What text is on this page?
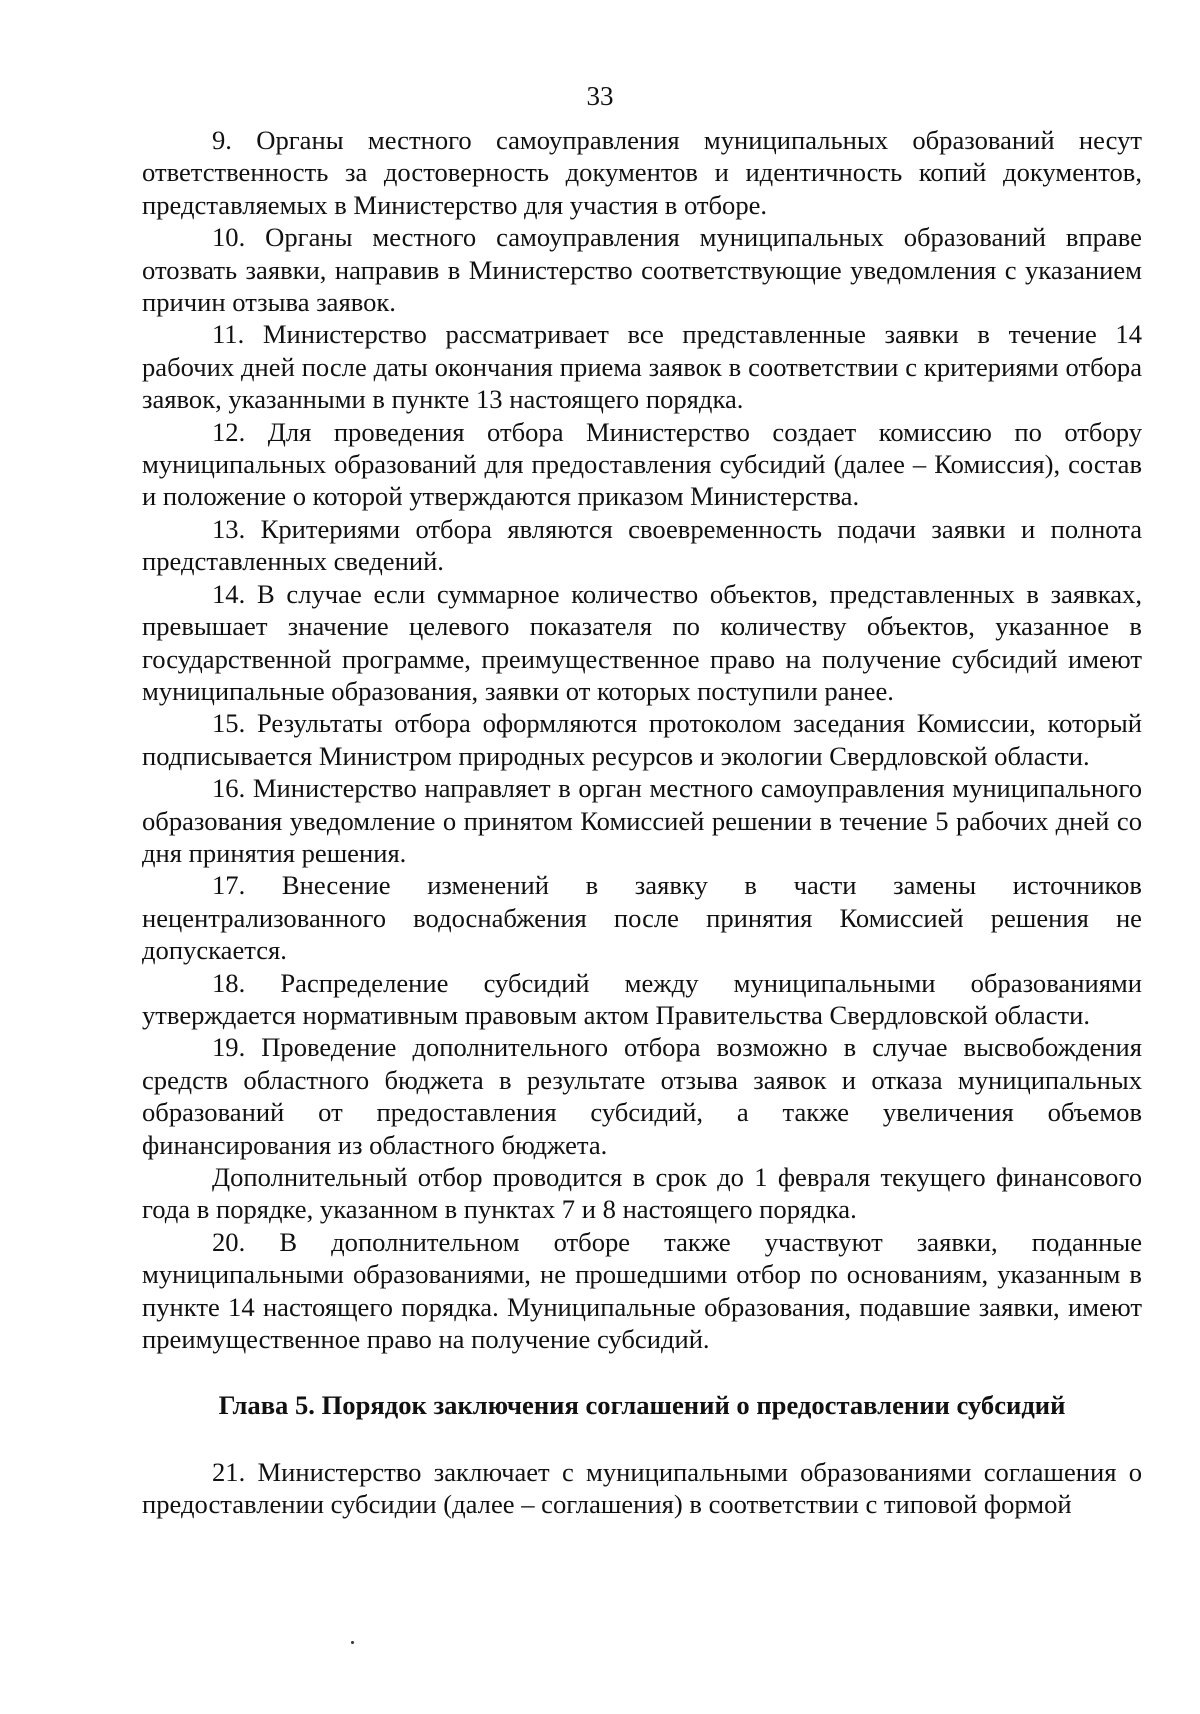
33

9. Органы местного самоуправления муниципальных образований несут ответственность за достоверность документов и идентичность копий документов, представляемых в Министерство для участия в отборе.

10. Органы местного самоуправления муниципальных образований вправе отозвать заявки, направив в Министерство соответствующие уведомления с указанием причин отзыва заявок.

11. Министерство рассматривает все представленные заявки в течение 14 рабочих дней после даты окончания приема заявок в соответствии с критериями отбора заявок, указанными в пункте 13 настоящего порядка.

12. Для проведения отбора Министерство создает комиссию по отбору муниципальных образований для предоставления субсидий (далее – Комиссия), состав и положение о которой утверждаются приказом Министерства.

13. Критериями отбора являются своевременность подачи заявки и полнота представленных сведений.

14. В случае если суммарное количество объектов, представленных в заявках, превышает значение целевого показателя по количеству объектов, указанное в государственной программе, преимущественное право на получение субсидий имеют муниципальные образования, заявки от которых поступили ранее.

15. Результаты отбора оформляются протоколом заседания Комиссии, который подписывается Министром природных ресурсов и экологии Свердловской области.

16. Министерство направляет в орган местного самоуправления муниципального образования уведомление о принятом Комиссией решении в течение 5 рабочих дней со дня принятия решения.

17. Внесение изменений в заявку в части замены источников нецентрализованного водоснабжения после принятия Комиссией решения не допускается.

18. Распределение субсидий между муниципальными образованиями утверждается нормативным правовым актом Правительства Свердловской области.

19. Проведение дополнительного отбора возможно в случае высвобождения средств областного бюджета в результате отзыва заявок и отказа муниципальных образований от предоставления субсидий, а также увеличения объемов финансирования из областного бюджета.

Дополнительный отбор проводится в срок до 1 февраля текущего финансового года в порядке, указанном в пунктах 7 и 8 настоящего порядка.

20. В дополнительном отборе также участвуют заявки, поданные муниципальными образованиями, не прошедшими отбор по основаниям, указанным в пункте 14 настоящего порядка. Муниципальные образования, подавшие заявки, имеют преимущественное право на получение субсидий.

Глава 5. Порядок заключения соглашений о предоставлении субсидий

21. Министерство заключает с муниципальными образованиями соглашения о предоставлении субсидии (далее – соглашения) в соответствии с типовой формой
